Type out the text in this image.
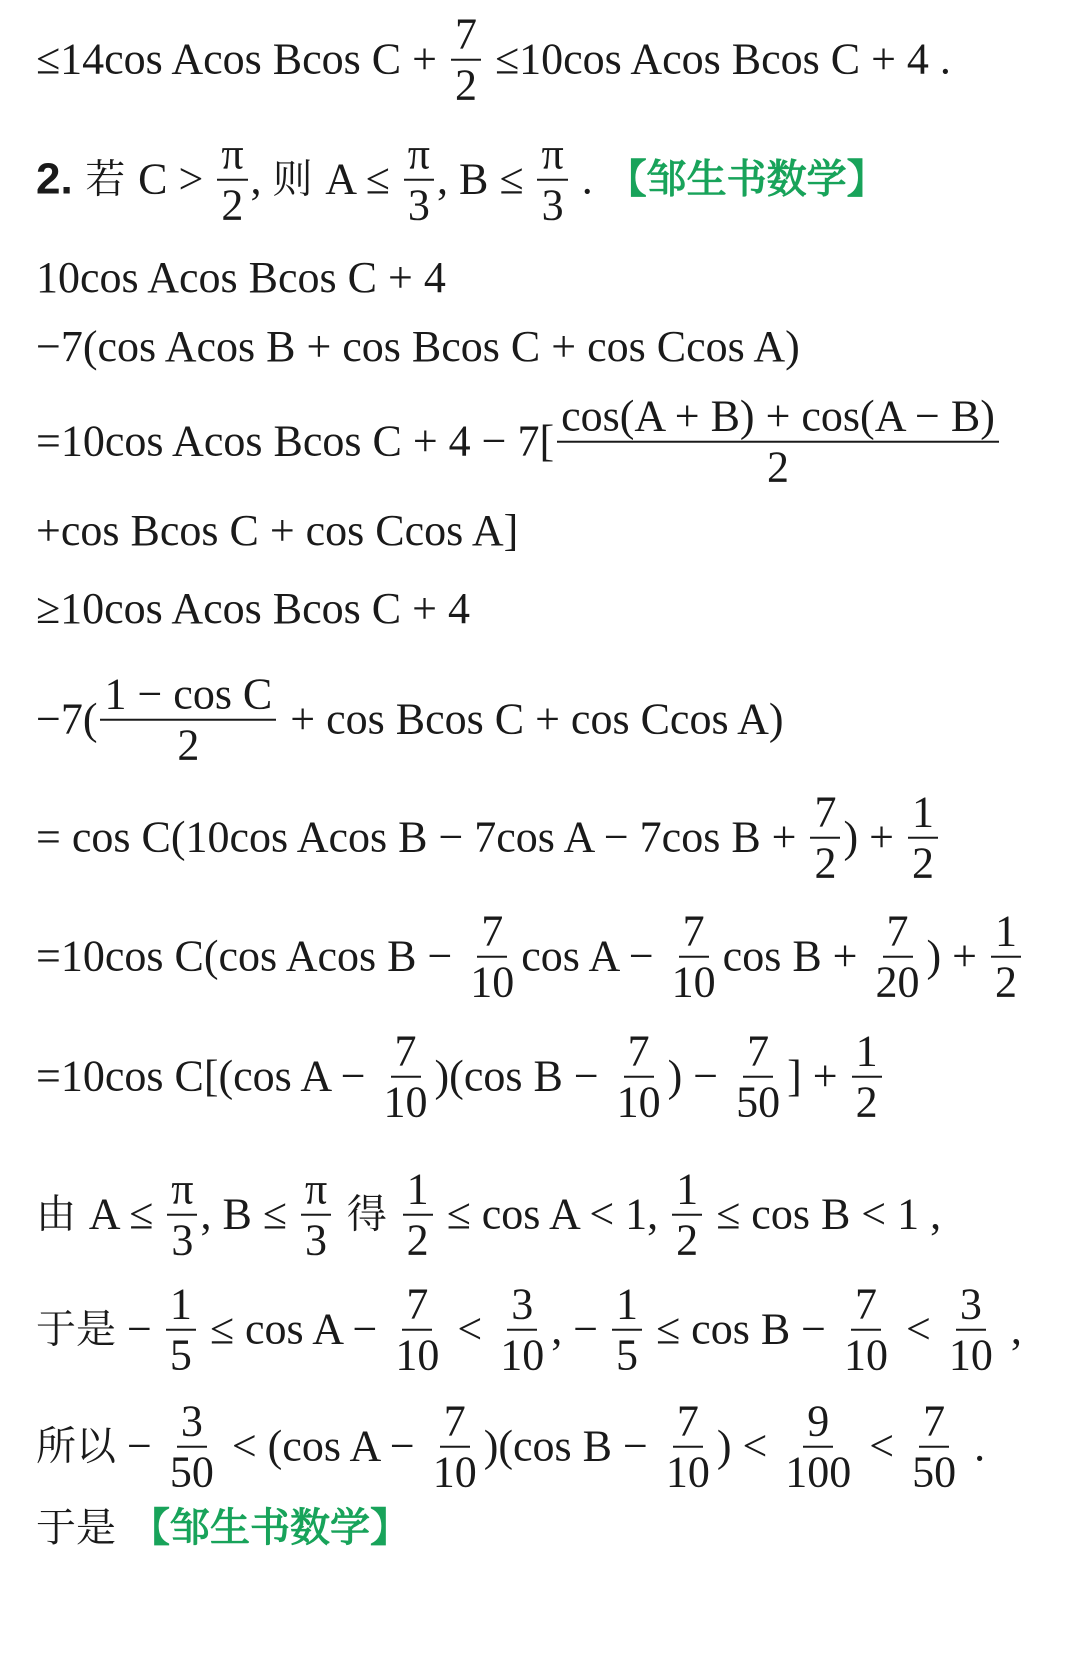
≤14cos Acos Bcos $C + \frac{7}{2} \le 10\cos$ Acos Bcos C + 4 .
2. 若 $C > \frac{\pi}{2}$ , 则 $A \le \frac{\pi}{3}$ , $B \le \frac{\pi}{3}$ . 【邹生书数学】
10cos Acos Bcos C + 4
−7(cos Acos B + cos Bcos C + cos Ccos A)
=10cos Acos Bcos $C + 4 - 7[ \frac{\cos(A + B) + \cos(A - B)}{2}$
+cos Bcos C + cos Ccos A]
≥10cos Acos Bcos C + 4
$-7( \frac{\text{1 − cos C}}{2} + \cos Bcos$ C + cos Ccos A)
= cos C(10cos Acos B − 7cos A − 7cos $B + \frac{7}{2}$ ) + $\frac{1}{2}$
=10cos C(cos Acos $B - \frac{7}{10}$ $\cos A - \frac{7}{10}$ $\cos B + \frac{7}{20}$ ) + $\frac{1}{2}$
=10cos C[(cos $A - \frac{7}{10} )(\cos$ $B - \frac{7}{10}$ ) − $\frac{7}{50}$ ] + $\frac{1}{2}$
由 $A \le \frac{\pi}{3}$ , $B \le \frac{\pi}{3}$ 得 $\frac{1}{2} \le \cos A < 1$, $\frac{1}{2} \le \cos B < 1$ ,
于是 − $\frac{1}{5} \le \cos A - \frac{7}{10} < \frac{3}{10}$ , − $\frac{1}{5} \le \cos B - \frac{7}{10} < \frac{3}{10}$ ,
所以 − $\frac{3}{50} < (\cos$ $A - \frac{7}{10} )(\cos$ $B - \frac{7}{10}$ ) < $\frac{9}{100} < \frac{7}{50}$ .
于是 【邹生书数学】
